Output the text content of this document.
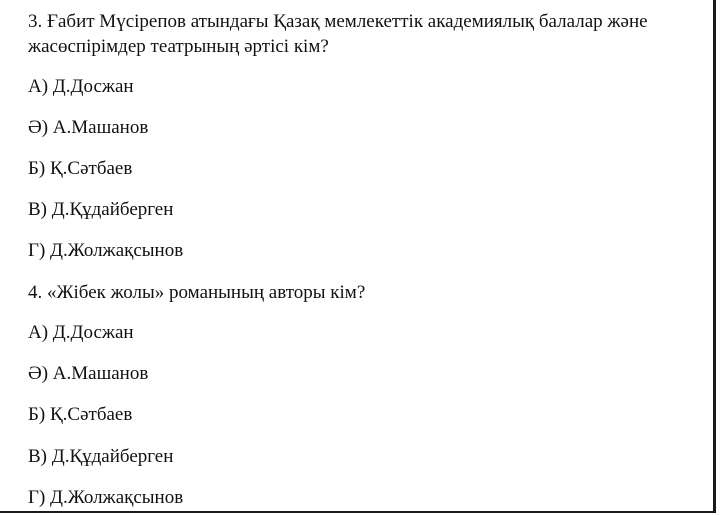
3. Ғабит Мүсірепов атындағы Қазақ мемлекеттік академиялық балалар және
жасөспірімдер театрының әртісі кім?
А) Д.Досжан
Ә) А.Машанов
Б) Қ.Сәтбаев
В) Д.Құдайберген
Г) Д.Жолжақсынов
4. «Жібек жолы» романының авторы кім?
А) Д.Досжан
Ә) А.Машанов
Б) Қ.Сәтбаев
В) Д.Құдайберген
Г) Д.Жолжақсынов
